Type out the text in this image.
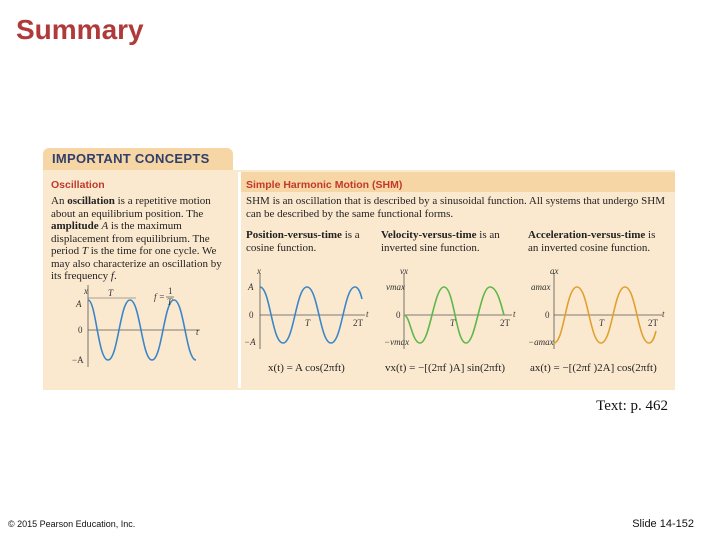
Summary
IMPORTANT CONCEPTS
Oscillation
An oscillation is a repetitive motion about an equilibrium position. The amplitude A is the maximum displacement from equilibrium. The period T is the time for one cycle. We may also characterize an oscillation by its frequency f.
x T
A
0
−A
t
f =
1
T
Simple Harmonic Motion (SHM)
SHM is an oscillation that is described by a sinusoidal function. All systems that undergo SHM can be described by the same functional forms.
Position-versus-time is a cosine function.
x
A
0
−A
t
T	2T
x(t) = A cos(2πft)
Velocity-versus-time is an inverted sine function.
vx
vmax
0
−vmax
t
T	2T
vx(t) = −[(2πf )A] sin(2πft)
Acceleration-versus-time is an inverted cosine function.
ax
amax
0
−amax
t
T	2T
ax(t) = −[(2πf )2A] cos(2πft)
Text: p. 462
© 2015 Pearson Education, Inc.	Slide 14-152
